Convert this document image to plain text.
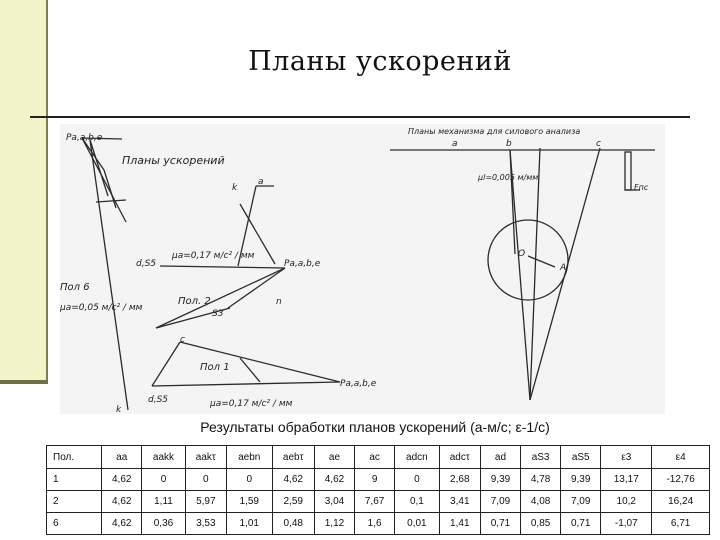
Планы ускорений
Планы ускорений
Pa,a,b,e
Пол. 2
Пол 1
Пол 6
μa=0,17 м/с² / мм
μa=0,17 м/с² / мм
μa=0,05 м/с² / мм
Pa,a,b,e
Pa,a,b,e
k
a
d,S5
n
S3
c
k
d,S5
Планы механизма для силового анализа
μl=0,005 м/мм
a	b	c
O
A
Fпс
Результаты обработки планов ускорений (a-м/с; ε-1/с)
Пол.	aa	aakk	aakτ	aebn	aebτ	ae	ac	adcn	adcτ	ad	aS3	aS5	ε3	ε4
1	4,62	0	0	0	4,62	4,62	9	0	2,68	9,39	4,78	9,39	13,17	-12,76
2	4,62	1,11	5,97	1,59	2,59	3,04	7,67	0,1	3,41	7,09	4,08	7,09	10,2	16,24
6	4,62	0,36	3,53	1,01	0,48	1,12	1,6	0,01	1,41	0,71	0,85	0,71	-1,07	6,71
